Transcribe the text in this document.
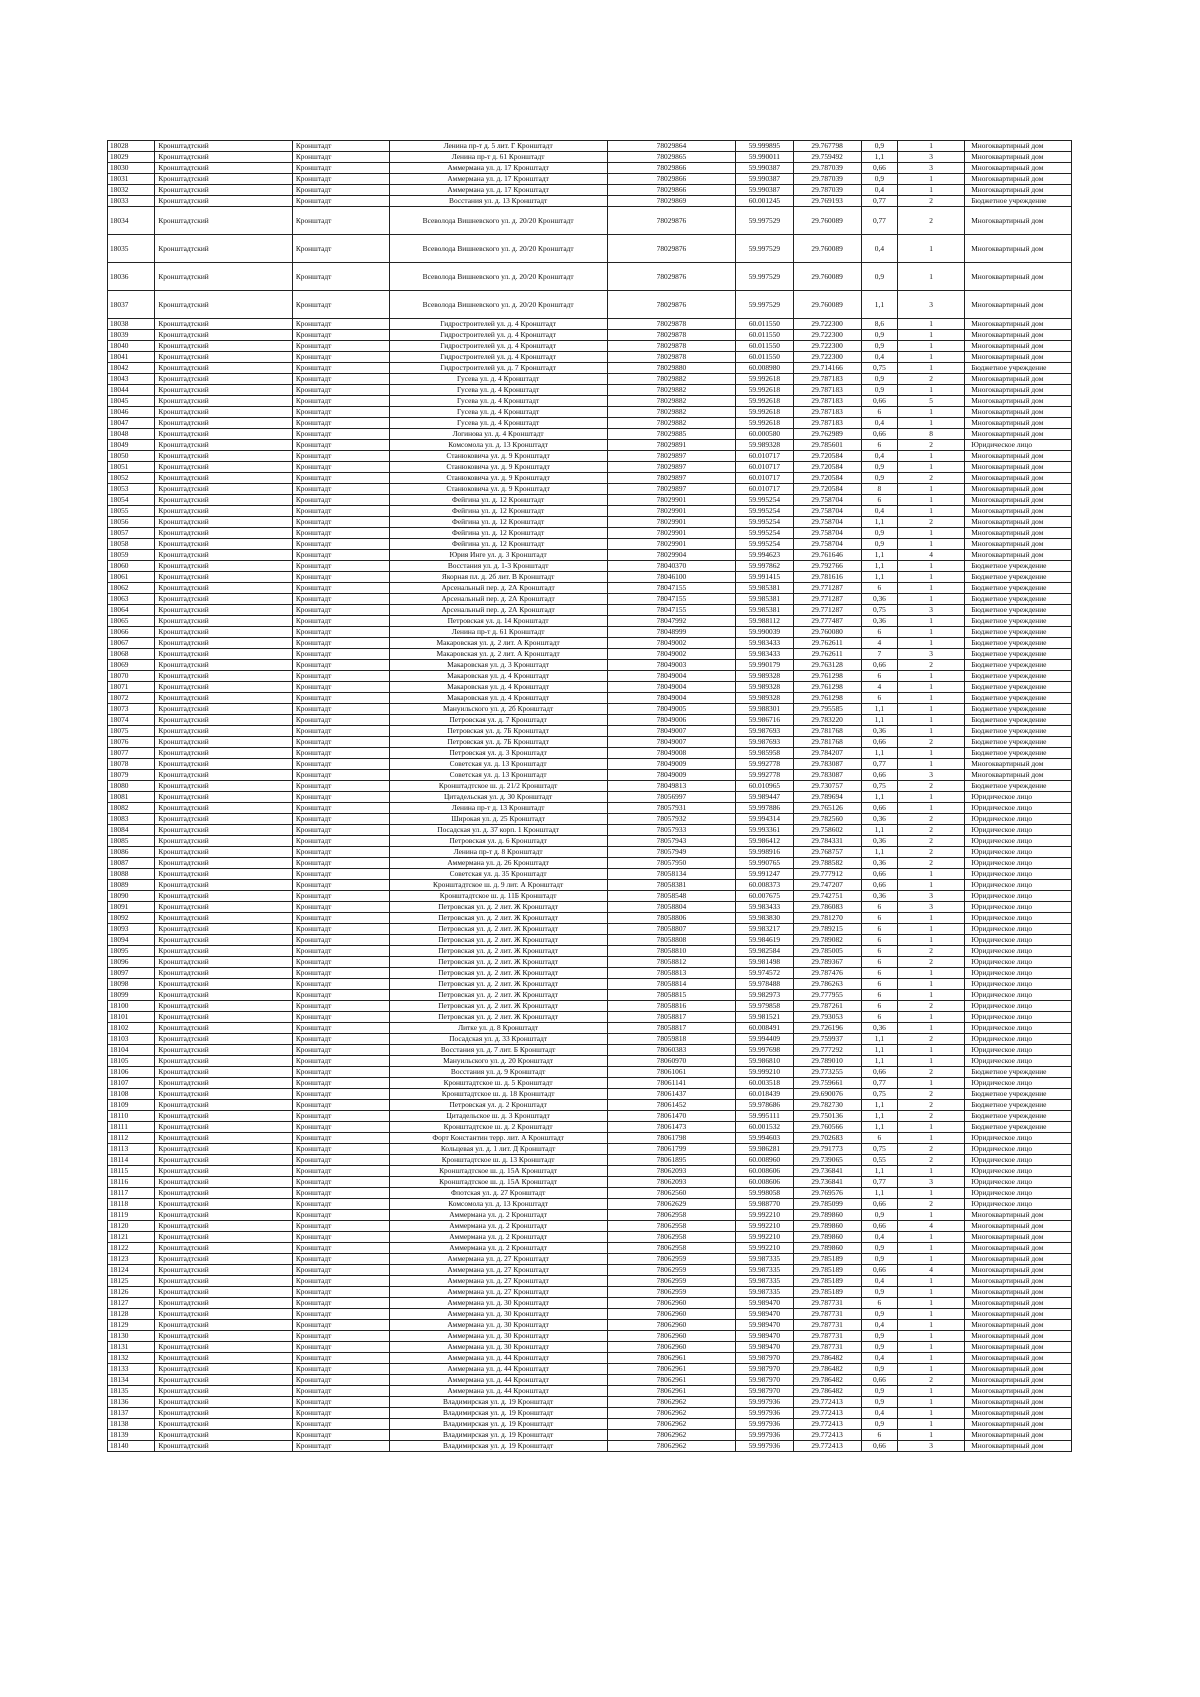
18028	Кронштадтский	Кронштадт	Ленина пр-т д. 5 лит. Г Кронштадт	78029864	59.999895	29.767798	0,9	1	Многоквартирный дом
18029	Кронштадтский	Кронштадт	Ленина пр-т д. 61 Кронштадт	78029865	59.990011	29.759492	1,1	3	Многоквартирный дом
18030	Кронштадтский	Кронштадт	Аммермана ул. д. 17 Кронштадт	78029866	59.990387	29.787039	0,66	3	Многоквартирный дом
18031	Кронштадтский	Кронштадт	Аммермана ул. д. 17 Кронштадт	78029866	59.990387	29.787039	0,9	1	Многоквартирный дом
18032	Кронштадтский	Кронштадт	Аммермана ул. д. 17 Кронштадт	78029866	59.990387	29.787039	0,4	1	Многоквартирный дом
18033	Кронштадтский	Кронштадт	Восстания ул. д. 13 Кронштадт	78029869	60.001245	29.769193	0,77	2	Бюджетное учреждение
18034	Кронштадтский	Кронштадт	Всеволода Вишневского ул. д. 20/20 Кронштадт	78029876	59.997529	29.760089	0,77	2	Многоквартирный дом
18035	Кронштадтский	Кронштадт	Всеволода Вишневского ул. д. 20/20 Кронштадт	78029876	59.997529	29.760089	0,4	1	Многоквартирный дом
18036	Кронштадтский	Кронштадт	Всеволода Вишневского ул. д. 20/20 Кронштадт	78029876	59.997529	29.760089	0,9	1	Многоквартирный дом
18037	Кронштадтский	Кронштадт	Всеволода Вишневского ул. д. 20/20 Кронштадт	78029876	59.997529	29.760089	1,1	3	Многоквартирный дом
18038	Кронштадтский	Кронштадт	Гидростроителей ул. д. 4 Кронштадт	78029878	60.011550	29.722300	8,6	1	Многоквартирный дом
18039	Кронштадтский	Кронштадт	Гидростроителей ул. д. 4 Кронштадт	78029878	60.011550	29.722300	0,9	1	Многоквартирный дом
18040	Кронштадтский	Кронштадт	Гидростроителей ул. д. 4 Кронштадт	78029878	60.011550	29.722300	0,9	1	Многоквартирный дом
18041	Кронштадтский	Кронштадт	Гидростроителей ул. д. 4 Кронштадт	78029878	60.011550	29.722300	0,4	1	Многоквартирный дом
18042	Кронштадтский	Кронштадт	Гидростроителей ул. д. 7 Кронштадт	78029880	60.008980	29.714166	0,75	1	Бюджетное учреждение
18043	Кронштадтский	Кронштадт	Гусева ул. д. 4 Кронштадт	78029882	59.992618	29.787183	0,9	2	Многоквартирный дом
18044	Кронштадтский	Кронштадт	Гусева ул. д. 4 Кронштадт	78029882	59.992618	29.787183	0,9	1	Многоквартирный дом
18045	Кронштадтский	Кронштадт	Гусева ул. д. 4 Кронштадт	78029882	59.992618	29.787183	0,66	5	Многоквартирный дом
18046	Кронштадтский	Кронштадт	Гусева ул. д. 4 Кронштадт	78029882	59.992618	29.787183	6	1	Многоквартирный дом
18047	Кронштадтский	Кронштадт	Гусева ул. д. 4 Кронштадт	78029882	59.992618	29.787183	0,4	1	Многоквартирный дом
18048	Кронштадтский	Кронштадт	Логинова ул. д. 4 Кронштадт	78029885	60.000580	29.762989	0,66	8	Многоквартирный дом
18049	Кронштадтский	Кронштадт	Комсомола ул. д. 13 Кронштадт	78029891	59.989328	29.785601	6	2	Юридическое лицо
18050	Кронштадтский	Кронштадт	Станюковича ул. д. 9 Кронштадт	78029897	60.010717	29.720584	0,4	1	Многоквартирный дом
18051	Кронштадтский	Кронштадт	Станюковича ул. д. 9 Кронштадт	78029897	60.010717	29.720584	0,9	1	Многоквартирный дом
18052	Кронштадтский	Кронштадт	Станюковича ул. д. 9 Кронштадт	78029897	60.010717	29.720584	0,9	2	Многоквартирный дом
18053	Кронштадтский	Кронштадт	Станюковича ул. д. 9 Кронштадт	78029897	60.010717	29.720584	8	1	Многоквартирный дом
18054	Кронштадтский	Кронштадт	Фейгина ул. д. 12 Кронштадт	78029901	59.995254	29.758704	6	1	Многоквартирный дом
18055	Кронштадтский	Кронштадт	Фейгина ул. д. 12 Кронштадт	78029901	59.995254	29.758704	0,4	1	Многоквартирный дом
18056	Кронштадтский	Кронштадт	Фейгина ул. д. 12 Кронштадт	78029901	59.995254	29.758704	1,1	2	Многоквартирный дом
18057	Кронштадтский	Кронштадт	Фейгина ул. д. 12 Кронштадт	78029901	59.995254	29.758704	0,9	1	Многоквартирный дом
18058	Кронштадтский	Кронштадт	Фейгина ул. д. 12 Кронштадт	78029901	59.995254	29.758704	0,9	1	Многоквартирный дом
18059	Кронштадтский	Кронштадт	Юрия Инге ул. д. 3 Кронштадт	78029904	59.994623	29.761646	1,1	4	Многоквартирный дом
18060	Кронштадтский	Кронштадт	Восстания ул. д. 1-3 Кронштадт	78040370	59.997862	29.792766	1,1	1	Бюджетное учреждение
18061	Кронштадтский	Кронштадт	Якорная пл. д. 2б лит. В Кронштадт	78046100	59.991415	29.781616	1,1	1	Бюджетное учреждение
18062	Кронштадтский	Кронштадт	Арсенальный пер. д. 2А Кронштадт	78047155	59.985381	29.771287	6	1	Бюджетное учреждение
18063	Кронштадтский	Кронштадт	Арсенальный пер. д. 2А Кронштадт	78047155	59.985381	29.771287	0,36	1	Бюджетное учреждение
18064	Кронштадтский	Кронштадт	Арсенальный пер. д. 2А Кронштадт	78047155	59.985381	29.771287	0,75	3	Бюджетное учреждение
18065	Кронштадтский	Кронштадт	Петровская ул. д. 14 Кронштадт	78047992	59.988112	29.777487	0,36	1	Бюджетное учреждение
18066	Кронштадтский	Кронштадт	Ленина пр-т д. 61 Кронштадт	78048999	59.990039	29.760080	6	1	Бюджетное учреждение
18067	Кронштадтский	Кронштадт	Макаровская ул. д. 2 лит. А Кронштадт	78049002	59.983433	29.762611	4	1	Бюджетное учреждение
18068	Кронштадтский	Кронштадт	Макаровская ул. д. 2 лит. А Кронштадт	78049002	59.983433	29.762611	7	3	Бюджетное учреждение
18069	Кронштадтский	Кронштадт	Макаровская ул. д. 3 Кронштадт	78049003	59.990179	29.763128	0,66	2	Бюджетное учреждение
18070	Кронштадтский	Кронштадт	Макаровская ул. д. 4 Кронштадт	78049004	59.989328	29.761298	6	1	Бюджетное учреждение
18071	Кронштадтский	Кронштадт	Макаровская ул. д. 4 Кронштадт	78049004	59.989328	29.761298	4	1	Бюджетное учреждение
18072	Кронштадтский	Кронштадт	Макаровская ул. д. 4 Кронштадт	78049004	59.989328	29.761298	6	1	Бюджетное учреждение
18073	Кронштадтский	Кронштадт	Мануильского ул. д. 2б Кронштадт	78049005	59.988301	29.795585	1,1	1	Бюджетное учреждение
18074	Кронштадтский	Кронштадт	Петровская ул. д. 7 Кронштадт	78049006	59.986716	29.783220	1,1	1	Бюджетное учреждение
18075	Кронштадтский	Кронштадт	Петровская ул. д. 7Б Кронштадт	78049007	59.987693	29.781768	0,36	1	Бюджетное учреждение
18076	Кронштадтский	Кронштадт	Петровская ул. д. 7Б Кронштадт	78049007	59.987693	29.781768	0,66	2	Бюджетное учреждение
18077	Кронштадтский	Кронштадт	Петровская ул. д. 3 Кронштадт	78049008	59.985958	29.784207	1,1	1	Бюджетное учреждение
18078	Кронштадтский	Кронштадт	Советская ул. д. 13 Кронштадт	78049009	59.992778	29.783087	0,77	1	Многоквартирный дом
18079	Кронштадтский	Кронштадт	Советская ул. д. 13 Кронштадт	78049009	59.992778	29.783087	0,66	3	Многоквартирный дом
18080	Кронштадтский	Кронштадт	Кронштадтское ш. д. 21/2 Кронштадт	78049813	60.010965	29.730757	0,75	2	Бюджетное учреждение
18081	Кронштадтский	Кронштадт	Цитадельская ул. д. 30 Кронштадт	78056997	59.989447	29.789694	1,1	1	Юридическое лицо
18082	Кронштадтский	Кронштадт	Ленина пр-т д. 13 Кронштадт	78057931	59.997886	29.765126	0,66	1	Юридическое лицо
18083	Кронштадтский	Кронштадт	Широкая ул. д. 25 Кронштадт	78057932	59.994314	29.782560	0,36	2	Юридическое лицо
18084	Кронштадтский	Кронштадт	Посадская ул. д. 37 корп. 1 Кронштадт	78057933	59.993361	29.758602	1,1	2	Юридическое лицо
18085	Кронштадтский	Кронштадт	Петровская ул. д. 6 Кронштадт	78057943	59.986412	29.784331	0,36	2	Юридическое лицо
18086	Кронштадтский	Кронштадт	Ленина пр-т д. 8 Кронштадт	78057949	59.998916	29.768757	1,1	2	Юридическое лицо
18087	Кронштадтский	Кронштадт	Аммермана ул. д. 26 Кронштадт	78057950	59.990765	29.788582	0,36	2	Юридическое лицо
18088	Кронштадтский	Кронштадт	Советская ул. д. 35 Кронштадт	78058134	59.991247	29.777912	0,66	1	Юридическое лицо
18089	Кронштадтский	Кронштадт	Кронштадтское ш. д. 9 лит. А Кронштадт	78058381	60.008373	29.747207	0,66	1	Юридическое лицо
18090	Кронштадтский	Кронштадт	Кронштадтское ш. д. 11Б Кронштадт	78058548	60.007675	29.742751	0,36	3	Юридическое лицо
18091	Кронштадтский	Кронштадт	Петровская ул. д. 2 лит. Ж Кронштадт	78058804	59.983433	29.786083	6	3	Юридическое лицо
18092	Кронштадтский	Кронштадт	Петровская ул. д. 2 лит. Ж Кронштадт	78058806	59.983830	29.781270	6	1	Юридическое лицо
18093	Кронштадтский	Кронштадт	Петровская ул. д. 2 лит. Ж Кронштадт	78058807	59.983217	29.789215	6	1	Юридическое лицо
18094	Кронштадтский	Кронштадт	Петровская ул. д. 2 лит. Ж Кронштадт	78058808	59.984619	29.789082	6	1	Юридическое лицо
18095	Кронштадтский	Кронштадт	Петровская ул. д. 2 лит. Ж Кронштадт	78058810	59.982584	29.785005	6	2	Юридическое лицо
18096	Кронштадтский	Кронштадт	Петровская ул. д. 2 лит. Ж Кронштадт	78058812	59.981498	29.789367	6	2	Юридическое лицо
18097	Кронштадтский	Кронштадт	Петровская ул. д. 2 лит. Ж Кронштадт	78058813	59.974572	29.787476	6	1	Юридическое лицо
18098	Кронштадтский	Кронштадт	Петровская ул. д. 2 лит. Ж Кронштадт	78058814	59.978488	29.786263	6	1	Юридическое лицо
18099	Кронштадтский	Кронштадт	Петровская ул. д. 2 лит. Ж Кронштадт	78058815	59.982973	29.777955	6	1	Юридическое лицо
18100	Кронштадтский	Кронштадт	Петровская ул. д. 2 лит. Ж Кронштадт	78058816	59.979858	29.787261	6	2	Юридическое лицо
18101	Кронштадтский	Кронштадт	Петровская ул. д. 2 лит. Ж Кронштадт	78058817	59.981521	29.793053	6	1	Юридическое лицо
18102	Кронштадтский	Кронштадт	Литке ул. д. 8 Кронштадт	78058817	60.008491	29.726196	0,36	1	Юридическое лицо
18103	Кронштадтский	Кронштадт	Посадская ул. д. 33 Кронштадт	78059818	59.994409	29.759937	1,1	2	Юридическое лицо
18104	Кронштадтский	Кронштадт	Восстания ул. д. 7 лит. Б Кронштадт	78060383	59.997698	29.777292	1,1	1	Юридическое лицо
18105	Кронштадтский	Кронштадт	Мануильского ул. д. 20 Кронштадт	78060970	59.986810	29.789010	1,1	1	Юридическое лицо
18106	Кронштадтский	Кронштадт	Восстания ул. д. 9 Кронштадт	78061061	59.999210	29.773255	0,66	2	Бюджетное учреждение
18107	Кронштадтский	Кронштадт	Кронштадтское ш. д. 5 Кронштадт	78061141	60.003518	29.759661	0,77	1	Юридическое лицо
18108	Кронштадтский	Кронштадт	Кронштадтское ш. д. 18 Кронштадт	78061437	60.018439	29.690076	0,75	2	Бюджетное учреждение
18109	Кронштадтский	Кронштадт	Петровская ул. д. 2 Кронштадт	78061452	59.978686	29.782730	1,1	2	Бюджетное учреждение
18110	Кронштадтский	Кронштадт	Цитадельское ш. д. 3 Кронштадт	78061470	59.995111	29.750136	1,1	2	Бюджетное учреждение
18111	Кронштадтский	Кронштадт	Кронштадтское ш. д. 2 Кронштадт	78061473	60.001532	29.760566	1,1	1	Бюджетное учреждение
18112	Кронштадтский	Кронштадт	Форт Константин терр. лит. А Кронштадт	78061798	59.994603	29.702683	6	1	Юридическое лицо
18113	Кронштадтский	Кронштадт	Кольцевая ул. д. 1 лит. Д Кронштадт	78061799	59.986281	29.791773	0,75	2	Юридическое лицо
18114	Кронштадтский	Кронштадт	Кронштадтское ш. д. 13 Кронштадт	78061895	60.008960	29.739065	0,55	2	Юридическое лицо
18115	Кронштадтский	Кронштадт	Кронштадтское ш. д. 15А Кронштадт	78062093	60.008606	29.736841	1,1	1	Юридическое лицо
18116	Кронштадтский	Кронштадт	Кронштадтское ш. д. 15А Кронштадт	78062093	60.008606	29.736841	0,77	3	Юридическое лицо
18117	Кронштадтский	Кронштадт	Флотская ул. д. 27 Кронштадт	78062560	59.998058	29.769576	1,1	1	Юридическое лицо
18118	Кронштадтский	Кронштадт	Комсомола ул. д. 13 Кронштадт	78062629	59.988770	29.785099	0,66	2	Юридическое лицо
18119	Кронштадтский	Кронштадт	Аммермана ул. д. 2 Кронштадт	78062958	59.992210	29.789860	0,9	1	Многоквартирный дом
18120	Кронштадтский	Кронштадт	Аммермана ул. д. 2 Кронштадт	78062958	59.992210	29.789860	0,66	4	Многоквартирный дом
18121	Кронштадтский	Кронштадт	Аммермана ул. д. 2 Кронштадт	78062958	59.992210	29.789860	0,4	1	Многоквартирный дом
18122	Кронштадтский	Кронштадт	Аммермана ул. д. 2 Кронштадт	78062958	59.992210	29.789860	0,9	1	Многоквартирный дом
18123	Кронштадтский	Кронштадт	Аммермана ул. д. 27 Кронштадт	78062959	59.987335	29.785189	0,9	1	Многоквартирный дом
18124	Кронштадтский	Кронштадт	Аммермана ул. д. 27 Кронштадт	78062959	59.987335	29.785189	0,66	4	Многоквартирный дом
18125	Кронштадтский	Кронштадт	Аммермана ул. д. 27 Кронштадт	78062959	59.987335	29.785189	0,4	1	Многоквартирный дом
18126	Кронштадтский	Кронштадт	Аммермана ул. д. 27 Кронштадт	78062959	59.987335	29.785189	0,9	1	Многоквартирный дом
18127	Кронштадтский	Кронштадт	Аммермана ул. д. 30 Кронштадт	78062960	59.989470	29.787731	6	1	Многоквартирный дом
18128	Кронштадтский	Кронштадт	Аммермана ул. д. 30 Кронштадт	78062960	59.989470	29.787731	0,9	1	Многоквартирный дом
18129	Кронштадтский	Кронштадт	Аммермана ул. д. 30 Кронштадт	78062960	59.989470	29.787731	0,4	1	Многоквартирный дом
18130	Кронштадтский	Кронштадт	Аммермана ул. д. 30 Кронштадт	78062960	59.989470	29.787731	0,9	1	Многоквартирный дом
18131	Кронштадтский	Кронштадт	Аммермана ул. д. 30 Кронштадт	78062960	59.989470	29.787731	0,9	1	Многоквартирный дом
18132	Кронштадтский	Кронштадт	Аммермана ул. д. 44 Кронштадт	78062961	59.987970	29.786482	0,4	1	Многоквартирный дом
18133	Кронштадтский	Кронштадт	Аммермана ул. д. 44 Кронштадт	78062961	59.987970	29.786482	0,9	1	Многоквартирный дом
18134	Кронштадтский	Кронштадт	Аммермана ул. д. 44 Кронштадт	78062961	59.987970	29.786482	0,66	2	Многоквартирный дом
18135	Кронштадтский	Кронштадт	Аммермана ул. д. 44 Кронштадт	78062961	59.987970	29.786482	0,9	1	Многоквартирный дом
18136	Кронштадтский	Кронштадт	Владимирская ул. д. 19 Кронштадт	78062962	59.997936	29.772413	0,9	1	Многоквартирный дом
18137	Кронштадтский	Кронштадт	Владимирская ул. д. 19 Кронштадт	78062962	59.997936	29.772413	0,4	1	Многоквартирный дом
18138	Кронштадтский	Кронштадт	Владимирская ул. д. 19 Кронштадт	78062962	59.997936	29.772413	0,9	1	Многоквартирный дом
18139	Кронштадтский	Кронштадт	Владимирская ул. д. 19 Кронштадт	78062962	59.997936	29.772413	6	1	Многоквартирный дом
18140	Кронштадтский	Кронштадт	Владимирская ул. д. 19 Кронштадт	78062962	59.997936	29.772413	0,66	3	Многоквартирный дом
